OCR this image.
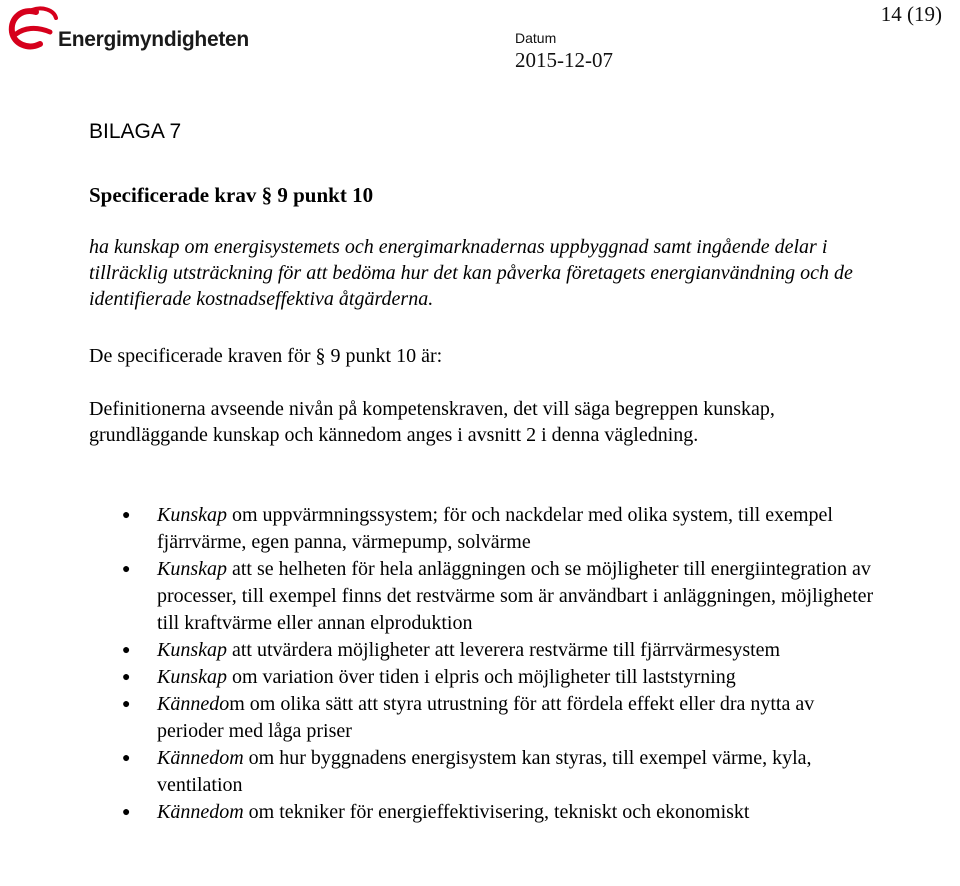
Energimyndigheten	Datum
2015-12-07
14 (19)
BILAGA 7
Specificerade krav § 9 punkt 10
ha kunskap om energisystemets och energimarknadernas uppbyggnad samt ingående delar i tillräcklig utsträckning för att bedöma hur det kan påverka företagets energianvändning och de identifierade kostnadseffektiva åtgärderna.
De specificerade kraven för § 9 punkt 10 är:
Definitionerna avseende nivån på kompetenskraven, det vill säga begreppen kunskap, grundläggande kunskap och kännedom anges i avsnitt 2 i denna vägledning.
● Kunskap om uppvärmningssystem; för och nackdelar med olika system, till exempel fjärrvärme, egen panna, värmepump, solvärme
● Kunskap att se helheten för hela anläggningen och se möjligheter till energiintegration av processer, till exempel finns det restvärme som är användbart i anläggningen, möjligheter till kraftvärme eller annan elproduktion
● Kunskap att utvärdera möjligheter att leverera restvärme till fjärrvärmesystem
● Kunskap om variation över tiden i elpris och möjligheter till laststyrning
● Kännedom om olika sätt att styra utrustning för att fördela effekt eller dra nytta av perioder med låga priser
● Kännedom om hur byggnadens energisystem kan styras, till exempel värme, kyla, ventilation
● Kännedom om tekniker för energieffektivisering, tekniskt och ekonomiskt
